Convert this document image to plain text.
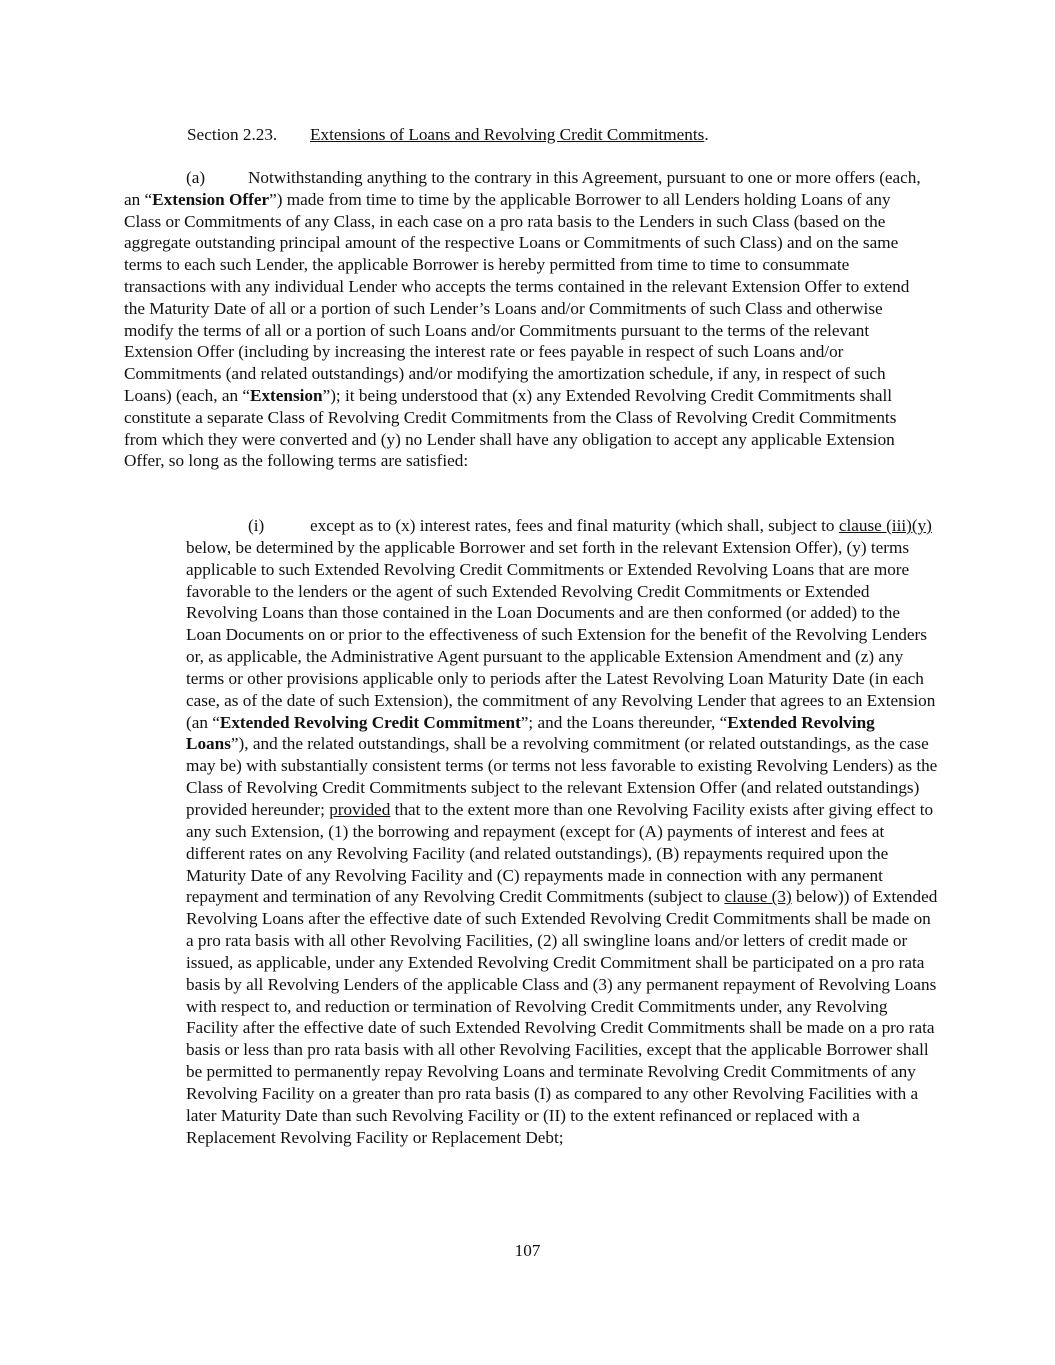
Section 2.23. Extensions of Loans and Revolving Credit Commitments.

(a) Notwithstanding anything to the contrary in this Agreement, pursuant to one or more offers (each, an “Extension Offer”) made from time to time by the applicable Borrower to all Lenders holding Loans of any Class or Commitments of any Class, in each case on a pro rata basis to the Lenders in such Class (based on the aggregate outstanding principal amount of the respective Loans or Commitments of such Class) and on the same terms to each such Lender, the applicable Borrower is hereby permitted from time to time to consummate transactions with any individual Lender who accepts the terms contained in the relevant Extension Offer to extend the Maturity Date of all or a portion of such Lender’s Loans and/or Commitments of such Class and otherwise modify the terms of all or a portion of such Loans and/or Commitments pursuant to the terms of the relevant Extension Offer (including by increasing the interest rate or fees payable in respect of such Loans and/or Commitments (and related outstandings) and/or modifying the amortization schedule, if any, in respect of such Loans) (each, an “Extension”); it being understood that (x) any Extended Revolving Credit Commitments shall constitute a separate Class of Revolving Credit Commitments from the Class of Revolving Credit Commitments from which they were converted and (y) no Lender shall have any obligation to accept any applicable Extension Offer, so long as the following terms are satisfied:

(i)	except as to (x) interest rates, fees and final maturity (which shall, subject to clause (iii)(y) below, be determined by the applicable Borrower and set forth in the relevant Extension Offer), (y) terms applicable to such Extended Revolving Credit Commitments or Extended Revolving Loans that are more favorable to the lenders or the agent of such Extended Revolving Credit Commitments or Extended Revolving Loans than those contained in the Loan Documents and are then conformed (or added) to the Loan Documents on or prior to the effectiveness of such Extension for the benefit of the Revolving Lenders or, as applicable, the Administrative Agent pursuant to the applicable Extension Amendment and (z) any terms or other provisions applicable only to periods after the Latest Revolving Loan Maturity Date (in each case, as of the date of such Extension), the commitment of any Revolving Lender that agrees to an Extension (an “Extended Revolving Credit Commitment”; and the Loans thereunder, “Extended Revolving Loans”), and the related outstandings, shall be a revolving commitment (or related outstandings, as the case may be) with substantially consistent terms (or terms not less favorable to existing Revolving Lenders) as the Class of Revolving Credit Commitments subject to the relevant Extension Offer (and related outstandings) provided hereunder; provided that to the extent more than one Revolving Facility exists after giving effect to any such Extension, (1) the borrowing and repayment (except for (A) payments of interest and fees at different rates on any Revolving Facility (and related outstandings), (B) repayments required upon the Maturity Date of any Revolving Facility and (C) repayments made in connection with any permanent repayment and termination of any Revolving Credit Commitments (subject to clause (3) below)) of Extended Revolving Loans after the effective date of such Extended Revolving Credit Commitments shall be made on a pro rata basis with all other Revolving Facilities, (2) all swingline loans and/or letters of credit made or issued, as applicable, under any Extended Revolving Credit Commitment shall be participated on a pro rata basis by all Revolving Lenders of the applicable Class and (3) any permanent repayment of Revolving Loans with respect to, and reduction or termination of Revolving Credit Commitments under, any Revolving Facility after the effective date of such Extended Revolving Credit Commitments shall be made on a pro rata basis or less than pro rata basis with all other Revolving Facilities, except that the applicable Borrower shall be permitted to permanently repay Revolving Loans and terminate Revolving Credit Commitments of any Revolving Facility on a greater than pro rata basis (I) as compared to any other Revolving Facilities with a later Maturity Date than such Revolving Facility or (II) to the extent refinanced or replaced with a Replacement Revolving Facility or Replacement Debt;

107
